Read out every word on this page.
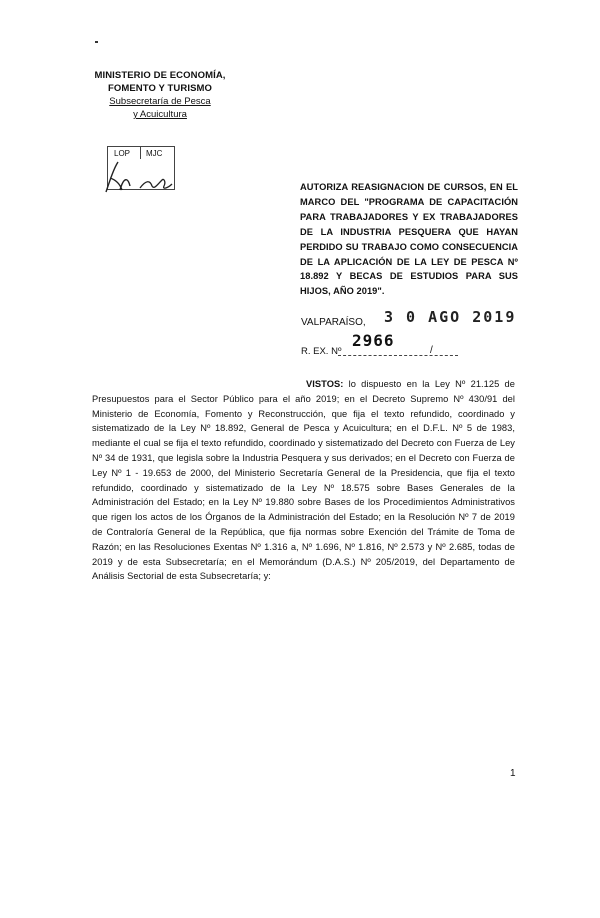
MINISTERIO DE ECONOMÍA,
FOMENTO Y TURISMO
Subsecretaría de Pesca
y Acuicultura
LOP MJC
AUTORIZA REASIGNACION DE CURSOS, EN EL MARCO DEL "PROGRAMA DE CAPACITACIÓN PARA TRABAJADORES Y EX TRABAJADORES DE LA INDUSTRIA PESQUERA QUE HAYAN PERDIDO SU TRABAJO COMO CONSECUENCIA DE LA APLICACIÓN DE LA LEY DE PESCA Nº 18.892 Y BECAS DE ESTUDIOS PARA SUS HIJOS, AÑO 2019".
VALPARAÍSO, 3 0 AGO 2019
R. EX. Nº
2966
/
VISTOS: lo dispuesto en la Ley Nº 21.125 de Presupuestos para el Sector Público para el año 2019; en el Decreto Supremo Nº 430/91 del Ministerio de Economía, Fomento y Reconstrucción, que fija el texto refundido, coordinado y sistematizado de la Ley Nº 18.892, General de Pesca y Acuicultura; en el D.F.L. Nº 5 de 1983, mediante el cual se fija el texto refundido, coordinado y sistematizado del Decreto con Fuerza de Ley Nº 34 de 1931, que legisla sobre la Industria Pesquera y sus derivados; en el Decreto con Fuerza de Ley Nº 1 - 19.653 de 2000, del Ministerio Secretaría General de la Presidencia, que fija el texto refundido, coordinado y sistematizado de la Ley Nº 18.575 sobre Bases Generales de la Administración del Estado; en la Ley Nº 19.880 sobre Bases de los Procedimientos Administrativos que rigen los actos de los Órganos de la Administración del Estado; en la Resolución Nº 7 de 2019 de Contraloría General de la República, que fija normas sobre Exención del Trámite de Toma de Razón; en las Resoluciones Exentas Nº 1.316 a, Nº 1.696, Nº 1.816, Nº 2.573 y Nº 2.685, todas de 2019 y de esta Subsecretaría; en el Memorándum (D.A.S.) Nº 205/2019, del Departamento de Análisis Sectorial de esta Subsecretaría; y:
1
